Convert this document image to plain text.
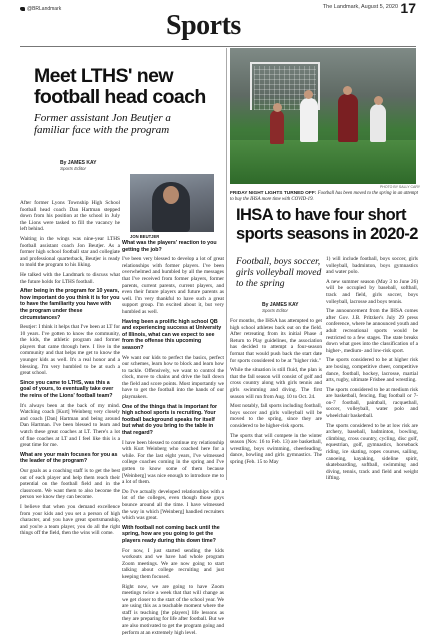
@BRLandmark	The Landmark, August 5, 2020 17
Sports
Meet LTHS' new
football head coach
Former assistant Jon Beutjer a familiar face with the program
By JAMES KAY
Sports Editor
After former Lyons Township High School football head coach Dan Hartman stepped down from his position at the school in July the Lions were tasked to fill the vacancy he left behind.
Waiting in the wings was nine-year LTHS football assistant coach Jon Beutjer. As a former high school football star and collegiate and professional quarterback, Beutjer is ready to mold the program to his liking.
He talked with the Landmark to discuss what the future holds for LTHS football.
After being in the program for 10 years, how important do you think it is for you to have the familiarity you have with the program under these circumstances?
Beutjer: I think it helps that I've been at LT for 10 years. I've gotten to know the community, the kids, the athletic program and former players that came through here. I live in the community and that helps me get to know the younger kids as well. It's a real honor and a blessing. I'm very humbled to be at such a great school.
Since you came to LTHS, was this a goal of yours, to eventually take over the reins of the Lions' football team?
It's always been at the back of my mind. Watching coach [Kurt] Weinberg very closely and coach [Dan] Hartman and being around Dan Hartman. I've been blessed to learn and watch these great coaches at LT. There's a lot of fine coaches at LT and I feel like this is a great time for me.
What are your main focuses for you as the leader of the program?
Our goals as a coaching staff is to get the best out of each player and help them reach their potential on the football field and in the classroom. We want them to also become the person we know they can become.
I believe that when you demand excellence from your kids and you set a person of high character, and you have great sportsmanship, and you're a team player, you do all the right things off the field, then the wins will come.
JON BEUTJER
What was the players' reaction to you getting the job?
I've been very blessed to develop a lot of great relationships with former players. I've been overwhelmed and humbled by all the messages that I've received from former players, former parents, current parents, current players, and even their future players and future parents as well. I'm very thankful to have such a great support group. I'm excited about it, but very humbled as well.
Having been a prolific high school QB and experiencing success at University of Illinois, what can we expect to see from the offense this upcoming season?
We want our kids to perfect the basics, perfect our schemes, learn how to block and learn how to tackle. Offensively, we want to control the clock, move to chains and drive the ball down the field and score points. Most importantly we have to get the football into the hands of our playmakers.
One of the things that is important for high school sports is recruiting. Your football background speaks for itself but what do you bring to the table in that regard?
I have been blessed to continue my relationship with Kurt Weinberg who coached here for a while. For the last eight years, I've witnessed college coaches coming in the spring and I've gotten to know some of them because [Weinberg] was nice enough to introduce me to a lot of them.
Do I've actually developed relationships with a lot of the colleges, even though those guys bounce around all the time. I have witnessed the way in which [Weinberg] handled recruiters which was great.
With football not coming back until the spring, how are you going to get the players ready during this down time?
For now, I just started sending the kids workouts and we have had whole program Zoom meetings. We are now going to start talking about college recruiting and just keeping them focused.
Right now, we are going to have Zoom meetings twice a week that that will change as we get closer to the start of the school year. We are using this as a teachable moment where the staff is teaching [the players] life lessons as they are preparing for life after football. But we are also motivated to get the program going and perform at an extremely high level.
PHOTO BY SALLY CARY
FRIDAY NIGHT LIGHTS TURNED OFF: Football has been moved to the spring in an attempt to buy the IHSA more time with COVID-19.
IHSA to have four short
sports seasons in 2020-2
Football, boys soccer, girls volleyball moved to the spring
By JAMES KAY
Sports Editor
For months, the IHSA has attempted to get high school athletes back out on the field. After retreating from its initial Phase 4 Return to Play guidelines, the association has decided to attempt a four-season format that would push back the start date for sports considered to be at "higher risk."
While the situation is still fluid, the plan is that the fall season will consist of golf and cross country along with girls tennis and girls swimming and diving. The first season will run from Aug. 10 to Oct. 24.
Most notably, fall sports including football, boys soccer and girls volleyball will be moved to the spring, since they are considered to be higher-risk sports.
The sports that will compete in the winter season (Nov. 16 to Feb. 13) are basketball, wrestling, boys swimming, cheerleading, dance, bowling and girls gymnastics. The spring (Feb. 15 to May
1) will include football, boys soccer, girls volleyball, badminton, boys gymnastics and water polo.
A new summer season (May 3 to June 26) will be occupied by baseball, softball, track and field, girls soccer, boys volleyball, lacrosse and boys tennis.
The announcement from the IHSA comes after Gov. J.B. Pritzker's July 29 press conference, where he announced youth and adult recreational sports would be restricted to a few stages. The state breaks down what goes into the classification of a higher-, medium- and low-risk sport.
The sports considered to be at higher risk are boxing, competitive cheer, competitive dance, football, hockey, lacrosse, martial arts, rugby, ultimate Frisbee and wrestling.
The sports considered to be at medium risk are basketball, fencing, flag football or 7-on-7 football, paintball, racquetball, soccer, volleyball, water polo and wheelchair basketball.
The sports considered to be at low risk are archery, baseball, badminton, bowling, climbing, cross country, cycling, disc golf, equestrian, golf, gymnastics, horseback riding, ice skating, ropes courses, sailing, canoeing, kayaking, sideline spirit, skateboarding, softball, swimming and diving, tennis, track and field and weight lifting.
